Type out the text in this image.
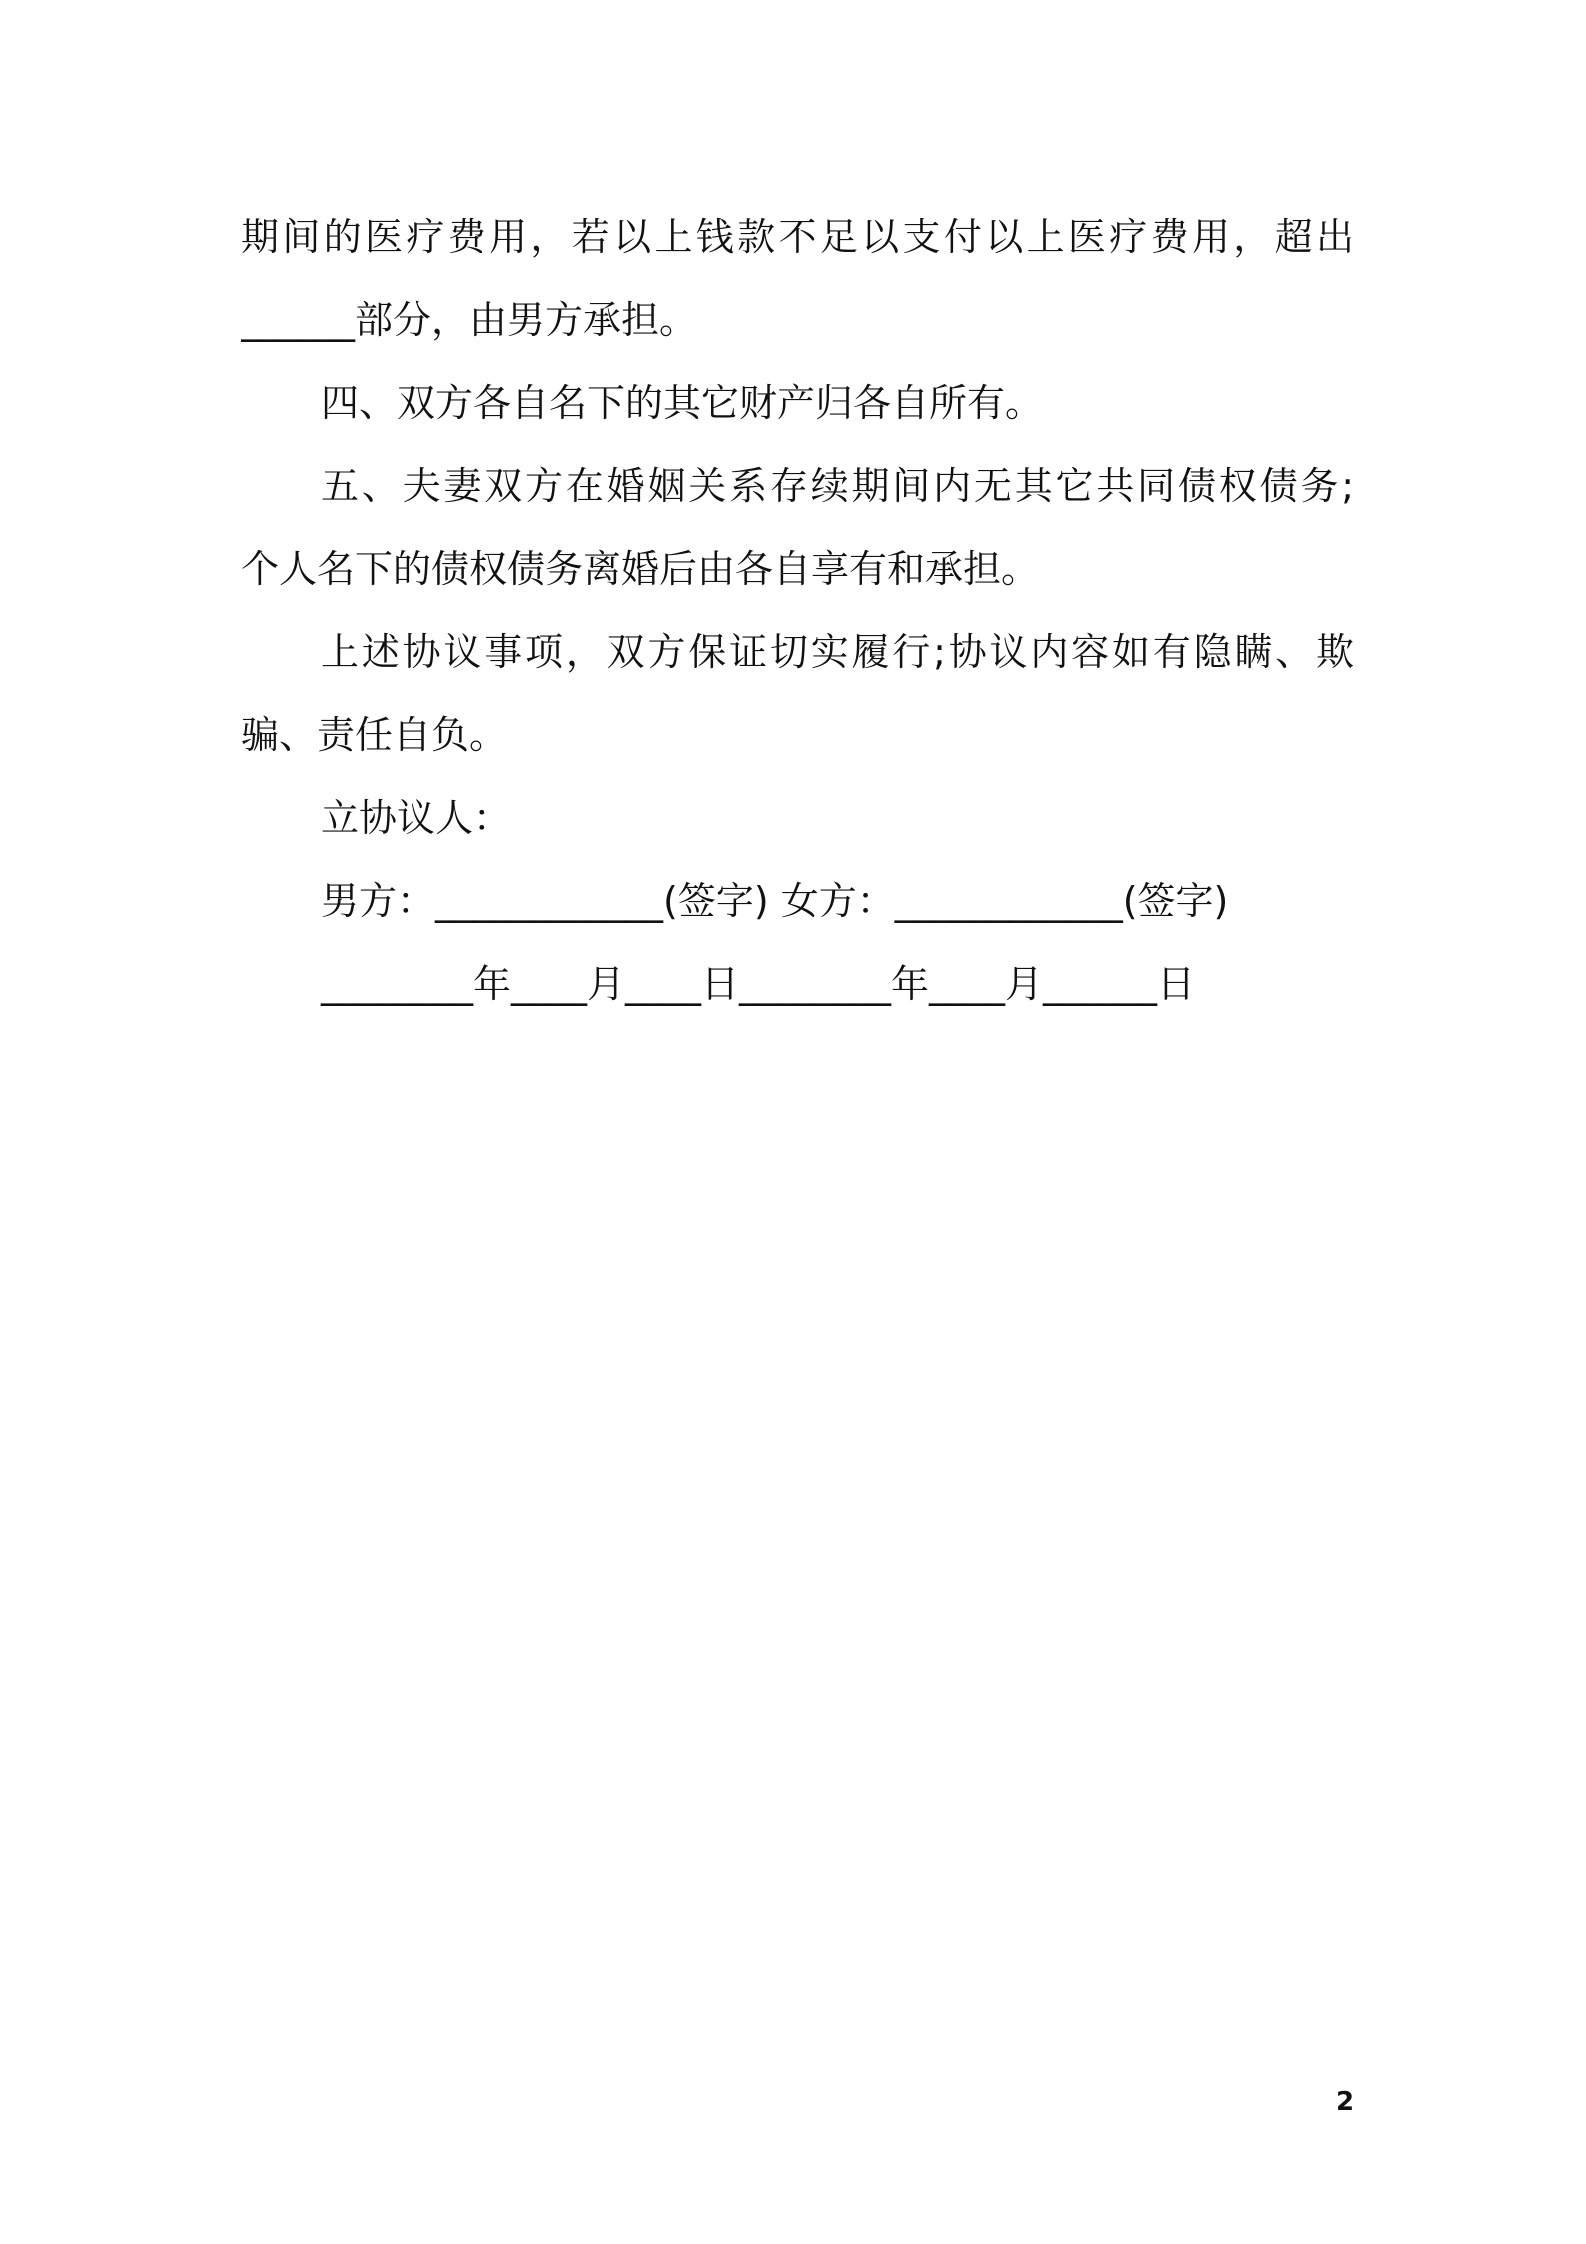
期间的医疗费用，若以上钱款不足以支付以上医疗费用，超出
______部分，由男方承担。
四、双方各自名下的其它财产归各自所有。
五、夫妻双方在婚姻关系存续期间内无其它共同债权债务;
个人名下的债权债务离婚后由各自享有和承担。
上述协议事项，双方保证切实履行;协议内容如有隐瞒、欺
骗、责任自负。
立协议人：
男方：____________(签字) 女方：____________(签字)
________年____月____日________年____月______日
2
